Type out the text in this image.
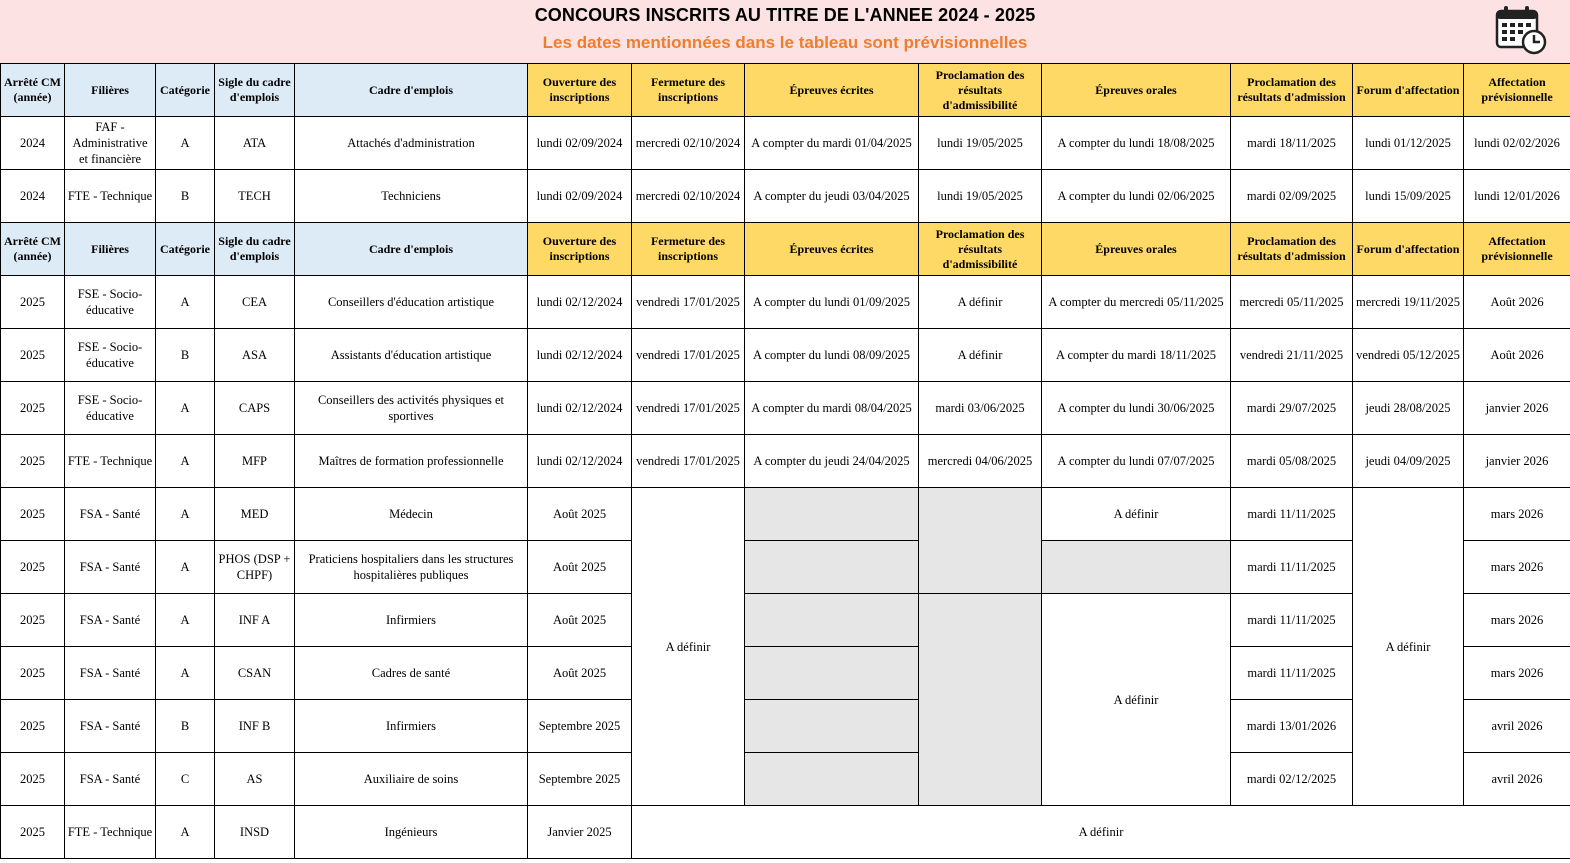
CONCOURS INSCRITS AU TITRE DE L'ANNEE 2024 - 2025
Les dates mentionnées dans le tableau sont prévisionnelles
Arrêté CM (année)	Filières	Catégorie	Sigle du cadre d'emplois	Cadre d'emplois	Ouverture des inscriptions	Fermeture des inscriptions	Épreuves écrites	Proclamation des résultats d'admissibilité	Épreuves orales	Proclamation des résultats d'admission	Forum d'affectation	Affectation prévisionnelle
2024	FAF - Administrative et financière	A	ATA	Attachés d'administration	lundi 02/09/2024	mercredi 02/10/2024	A compter du mardi 01/04/2025	lundi 19/05/2025	A compter du lundi 18/08/2025	mardi 18/11/2025	lundi 01/12/2025	lundi 02/02/2026
2024	FTE - Technique	B	TECH	Techniciens	lundi 02/09/2024	mercredi 02/10/2024	A compter du jeudi 03/04/2025	lundi 19/05/2025	A compter du lundi 02/06/2025	mardi 02/09/2025	lundi 15/09/2025	lundi 12/01/2026
Arrêté CM (année)	Filières	Catégorie	Sigle du cadre d'emplois	Cadre d'emplois	Ouverture des inscriptions	Fermeture des inscriptions	Épreuves écrites	Proclamation des résultats d'admissibilité	Épreuves orales	Proclamation des résultats d'admission	Forum d'affectation	Affectation prévisionnelle
2025	FSE - Socio-éducative	A	CEA	Conseillers d'éducation artistique	lundi 02/12/2024	vendredi 17/01/2025	A compter du lundi 01/09/2025	A définir	A compter du mercredi 05/11/2025	mercredi 05/11/2025	mercredi 19/11/2025	Août 2026
2025	FSE - Socio-éducative	B	ASA	Assistants d'éducation artistique	lundi 02/12/2024	vendredi 17/01/2025	A compter du lundi 08/09/2025	A définir	A compter du mardi 18/11/2025	vendredi 21/11/2025	vendredi 05/12/2025	Août 2026
2025	FSE - Socio-éducative	A	CAPS	Conseillers des activités physiques et sportives	lundi 02/12/2024	vendredi 17/01/2025	A compter du mardi 08/04/2025	mardi 03/06/2025	A compter du lundi 30/06/2025	mardi 29/07/2025	jeudi 28/08/2025	janvier 2026
2025	FTE - Technique	A	MFP	Maîtres de formation professionnelle	lundi 02/12/2024	vendredi 17/01/2025	A compter du jeudi 24/04/2025	mercredi 04/06/2025	A compter du lundi 07/07/2025	mardi 05/08/2025	jeudi 04/09/2025	janvier 2026
2025	FSA - Santé	A	MED	Médecin	Août 2025	A définir			A définir	mardi 11/11/2025	A définir	mars 2026
2025	FSA - Santé	A	PHOS (DSP + CHPF)	Praticiens hospitaliers dans les structures hospitalières publiques	Août 2025					mardi 11/11/2025		mars 2026
2025	FSA - Santé	A	INF A	Infirmiers	Août 2025				A définir	mardi 11/11/2025		mars 2026
2025	FSA - Santé	A	CSAN	Cadres de santé	Août 2025					mardi 11/11/2025		mars 2026
2025	FSA - Santé	B	INF B	Infirmiers	Septembre 2025					mardi 13/01/2026		avril 2026
2025	FSA - Santé	C	AS	Auxiliaire de soins	Septembre 2025					mardi 02/12/2025		avril 2026
2025	FTE - Technique	A	INSD	Ingénieurs	Janvier 2025	A définir						
